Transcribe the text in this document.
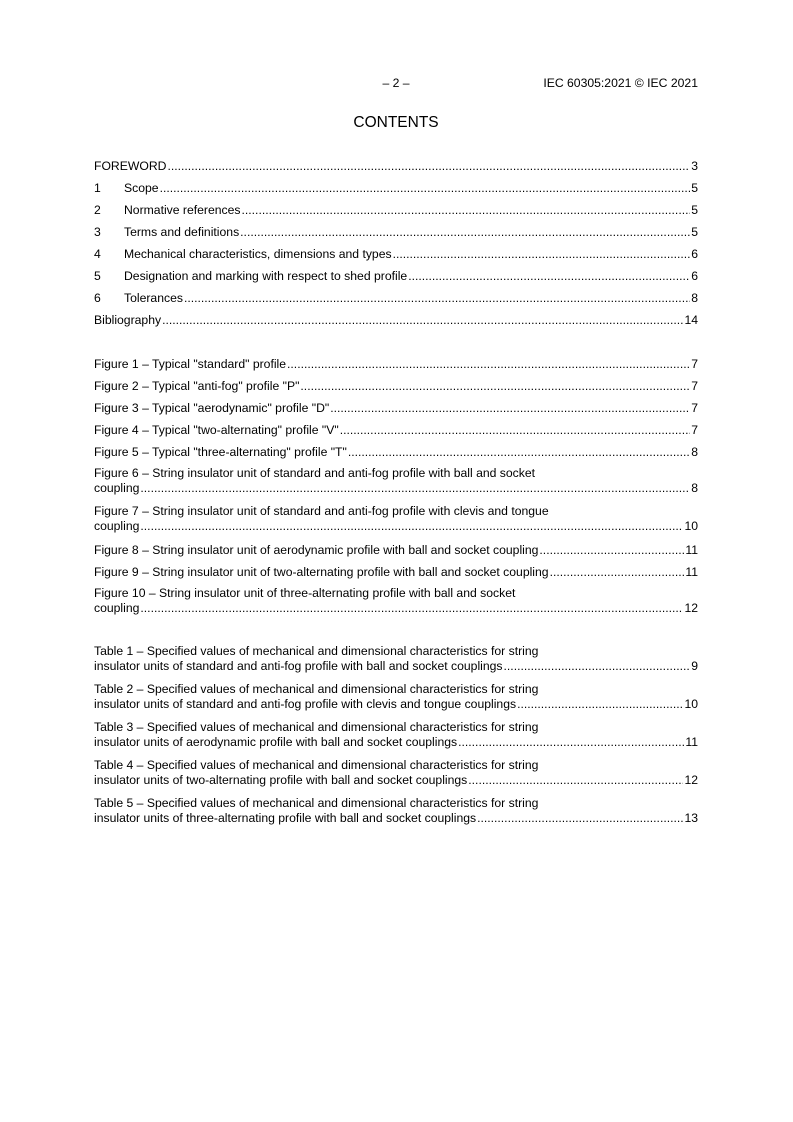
– 2 –	IEC 60305:2021 © IEC 2021
CONTENTS
FOREWORD .....	3
1	Scope .....	5
2	Normative references .....	5
3	Terms and definitions .....	5
4	Mechanical characteristics, dimensions and types .....	6
5	Designation and marking with respect to shed profile .....	6
6	Tolerances .....	8
Bibliography .....	14
Figure 1 – Typical "standard" profile .....	7
Figure 2 – Typical "anti-fog" profile "P" .....	7
Figure 3 – Typical "aerodynamic" profile "D" .....	7
Figure 4 – Typical "two-alternating" profile "V" .....	7
Figure 5 – Typical "three-alternating" profile "T" .....	8
Figure 6 – String insulator unit of standard and anti-fog profile with ball and socket
coupling .....	8
Figure 7 – String insulator unit of standard and anti-fog profile with clevis and tongue
coupling .....	10
Figure 8 – String insulator unit of aerodynamic profile with ball and socket coupling .....	11
Figure 9 – String insulator unit of two-alternating profile with ball and socket coupling .....	11
Figure 10 – String insulator unit of three-alternating profile with ball and socket
coupling .....	12
Table 1 – Specified values of mechanical and dimensional characteristics for string
insulator units of standard and anti-fog profile with ball and socket couplings .....	9
Table 2 – Specified values of mechanical and dimensional characteristics for string
insulator units of standard and anti-fog profile with clevis and tongue couplings .....	10
Table 3 – Specified values of mechanical and dimensional characteristics for string
insulator units of aerodynamic profile with ball and socket couplings .....	11
Table 4 – Specified values of mechanical and dimensional characteristics for string
insulator units of two-alternating profile with ball and socket couplings .....	12
Table 5 – Specified values of mechanical and dimensional characteristics for string
insulator units of three-alternating profile with ball and socket couplings .....	13
